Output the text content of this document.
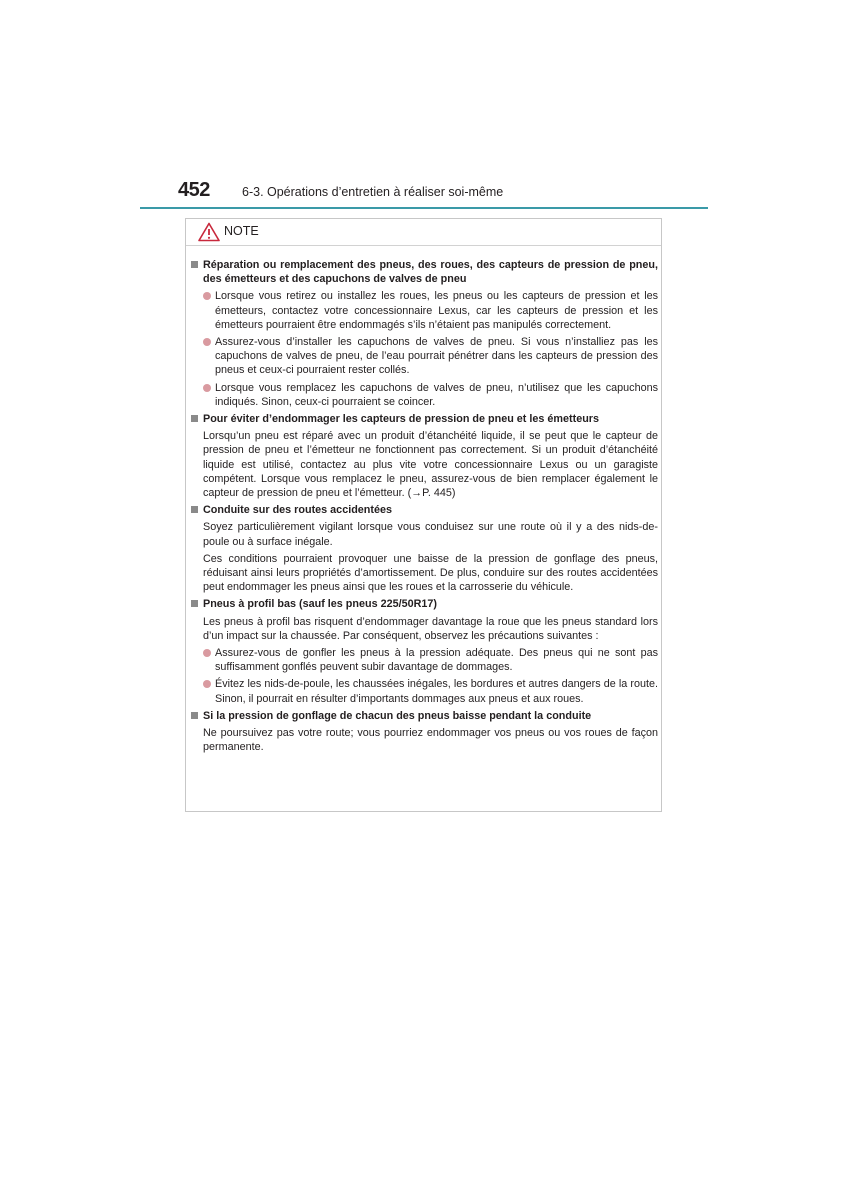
452	6-3. Opérations d’entretien à réaliser soi-même
NOTE
Réparation ou remplacement des pneus, des roues, des capteurs de pression de pneu, des émetteurs et des capuchons de valves de pneu
Lorsque vous retirez ou installez les roues, les pneus ou les capteurs de pression et les émetteurs, contactez votre concessionnaire Lexus, car les capteurs de pression et les émetteurs pourraient être endommagés s’ils n’étaient pas manipulés correctement.
Assurez-vous d’installer les capuchons de valves de pneu. Si vous n’installiez pas les capuchons de valves de pneu, de l’eau pourrait pénétrer dans les capteurs de pression des pneus et ceux-ci pourraient rester collés.
Lorsque vous remplacez les capuchons de valves de pneu, n’utilisez que les capuchons indiqués. Sinon, ceux-ci pourraient se coincer.
Pour éviter d’endommager les capteurs de pression de pneu et les émetteurs
Lorsqu’un pneu est réparé avec un produit d’étanchéité liquide, il se peut que le capteur de pression de pneu et l’émetteur ne fonctionnent pas correctement. Si un produit d’étanchéité liquide est utilisé, contactez au plus vite votre concessionnaire Lexus ou un garagiste compétent. Lorsque vous remplacez le pneu, assurez-vous de bien remplacer également le capteur de pression de pneu et l’émetteur. (→P. 445)
Conduite sur des routes accidentées
Soyez particulièrement vigilant lorsque vous conduisez sur une route où il y a des nids-de-poule ou à surface inégale.
Ces conditions pourraient provoquer une baisse de la pression de gonflage des pneus, réduisant ainsi leurs propriétés d’amortissement. De plus, conduire sur des routes accidentées peut endommager les pneus ainsi que les roues et la carrosserie du véhicule.
Pneus à profil bas (sauf les pneus 225/50R17)
Les pneus à profil bas risquent d’endommager davantage la roue que les pneus standard lors d’un impact sur la chaussée. Par conséquent, observez les précautions suivantes :
Assurez-vous de gonfler les pneus à la pression adéquate. Des pneus qui ne sont pas suffisamment gonflés peuvent subir davantage de dommages.
Évitez les nids-de-poule, les chaussées inégales, les bordures et autres dangers de la route. Sinon, il pourrait en résulter d’importants dommages aux pneus et aux roues.
Si la pression de gonflage de chacun des pneus baisse pendant la conduite
Ne poursuivez pas votre route; vous pourriez endommager vos pneus ou vos roues de façon permanente.
